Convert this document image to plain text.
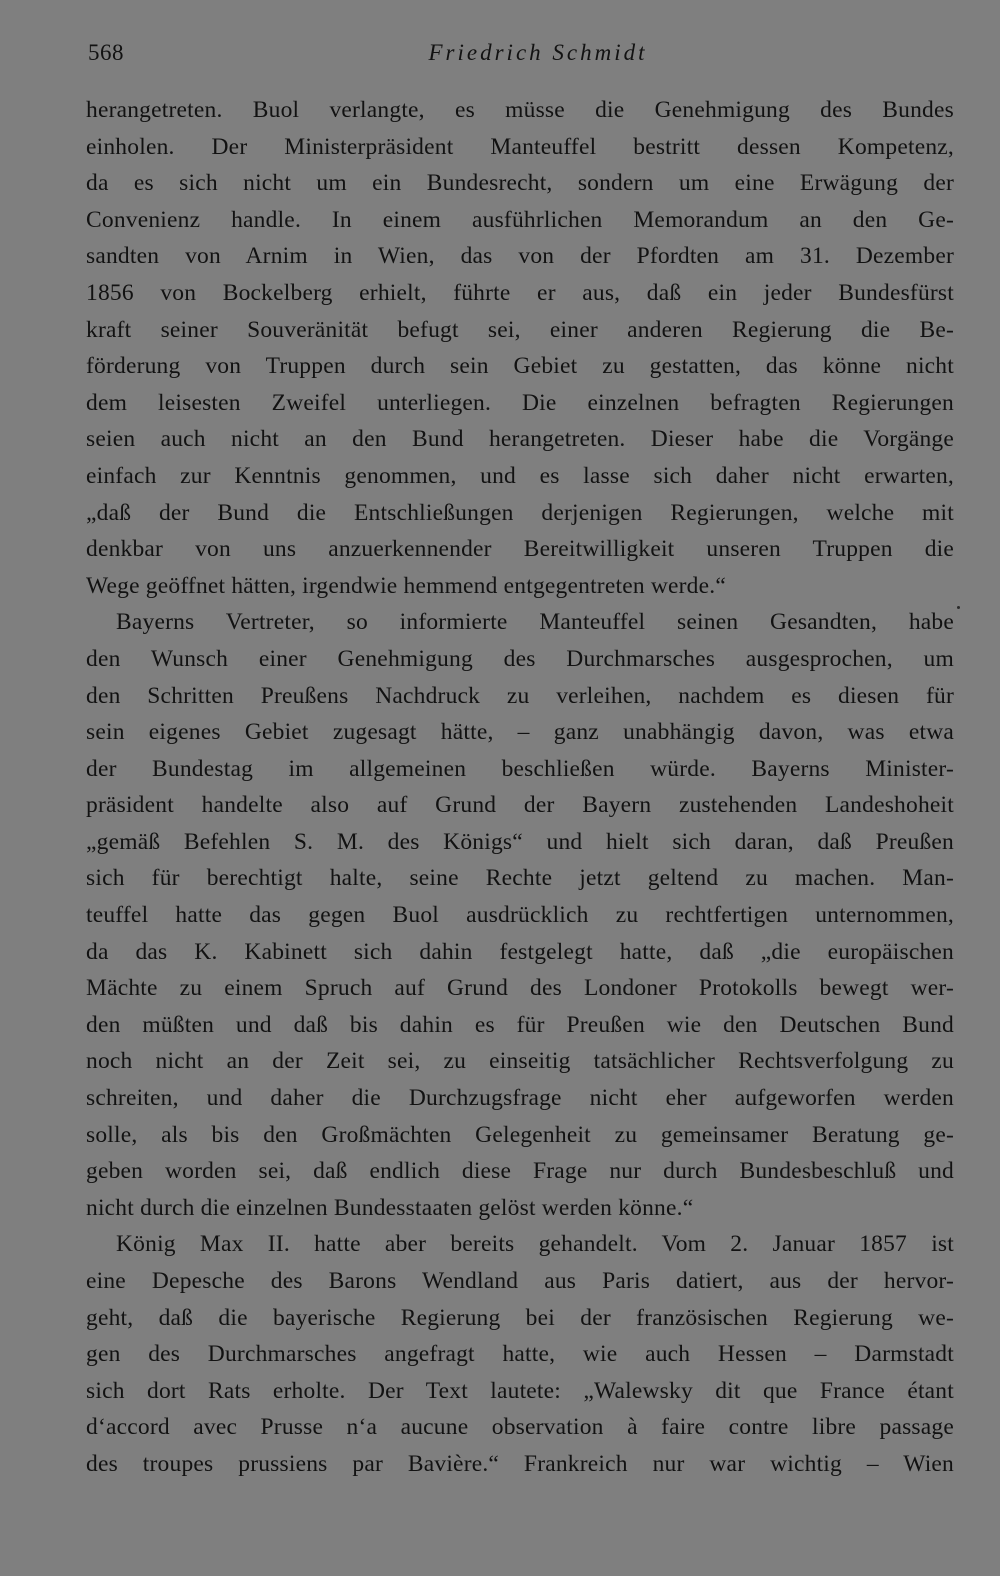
568	Friedrich Schmidt
herangetreten. Buol verlangte, es müsse die Genehmigung des Bundes
einholen. Der Ministerpräsident Manteuffel bestritt dessen Kompetenz,
da es sich nicht um ein Bundesrecht, sondern um eine Erwägung der
Convenienz handle. In einem ausführlichen Memorandum an den Ge-
sandten von Arnim in Wien, das von der Pfordten am 31. Dezember
1856 von Bockelberg erhielt, führte er aus, daß ein jeder Bundesfürst
kraft seiner Souveränität befugt sei, einer anderen Regierung die Be-
förderung von Truppen durch sein Gebiet zu gestatten, das könne nicht
dem leisesten Zweifel unterliegen. Die einzelnen befragten Regierungen
seien auch nicht an den Bund herangetreten. Dieser habe die Vorgänge
einfach zur Kenntnis genommen, und es lasse sich daher nicht erwarten,
„daß der Bund die Entschließungen derjenigen Regierungen, welche mit
denkbar von uns anzuerkennender Bereitwilligkeit unseren Truppen die
Wege geöffnet hätten, irgendwie hemmend entgegentreten werde.“
Bayerns Vertreter, so informierte Manteuffel seinen Gesandten, habe
den Wunsch einer Genehmigung des Durchmarsches ausgesprochen, um
den Schritten Preußens Nachdruck zu verleihen, nachdem es diesen für
sein eigenes Gebiet zugesagt hätte, – ganz unabhängig davon, was etwa
der Bundestag im allgemeinen beschließen würde. Bayerns Minister-
präsident handelte also auf Grund der Bayern zustehenden Landeshoheit
„gemäß Befehlen S. M. des Königs“ und hielt sich daran, daß Preußen
sich für berechtigt halte, seine Rechte jetzt geltend zu machen. Man-
teuffel hatte das gegen Buol ausdrücklich zu rechtfertigen unternommen,
da das K. Kabinett sich dahin festgelegt hatte, daß „die europäischen
Mächte zu einem Spruch auf Grund des Londoner Protokolls bewegt wer-
den müßten und daß bis dahin es für Preußen wie den Deutschen Bund
noch nicht an der Zeit sei, zu einseitig tatsächlicher Rechtsverfolgung zu
schreiten, und daher die Durchzugsfrage nicht eher aufgeworfen werden
solle, als bis den Großmächten Gelegenheit zu gemeinsamer Beratung ge-
geben worden sei, daß endlich diese Frage nur durch Bundesbeschluß und
nicht durch die einzelnen Bundesstaaten gelöst werden könne.“
König Max II. hatte aber bereits gehandelt. Vom 2. Januar 1857 ist
eine Depesche des Barons Wendland aus Paris datiert, aus der hervor-
geht, daß die bayerische Regierung bei der französischen Regierung we-
gen des Durchmarsches angefragt hatte, wie auch Hessen – Darmstadt
sich dort Rats erholte. Der Text lautete: „Walewsky dit que France étant
d‘accord avec Prusse n‘a aucune observation à faire contre libre passage
des troupes prussiens par Bavière.“ Frankreich nur war wichtig – Wien
